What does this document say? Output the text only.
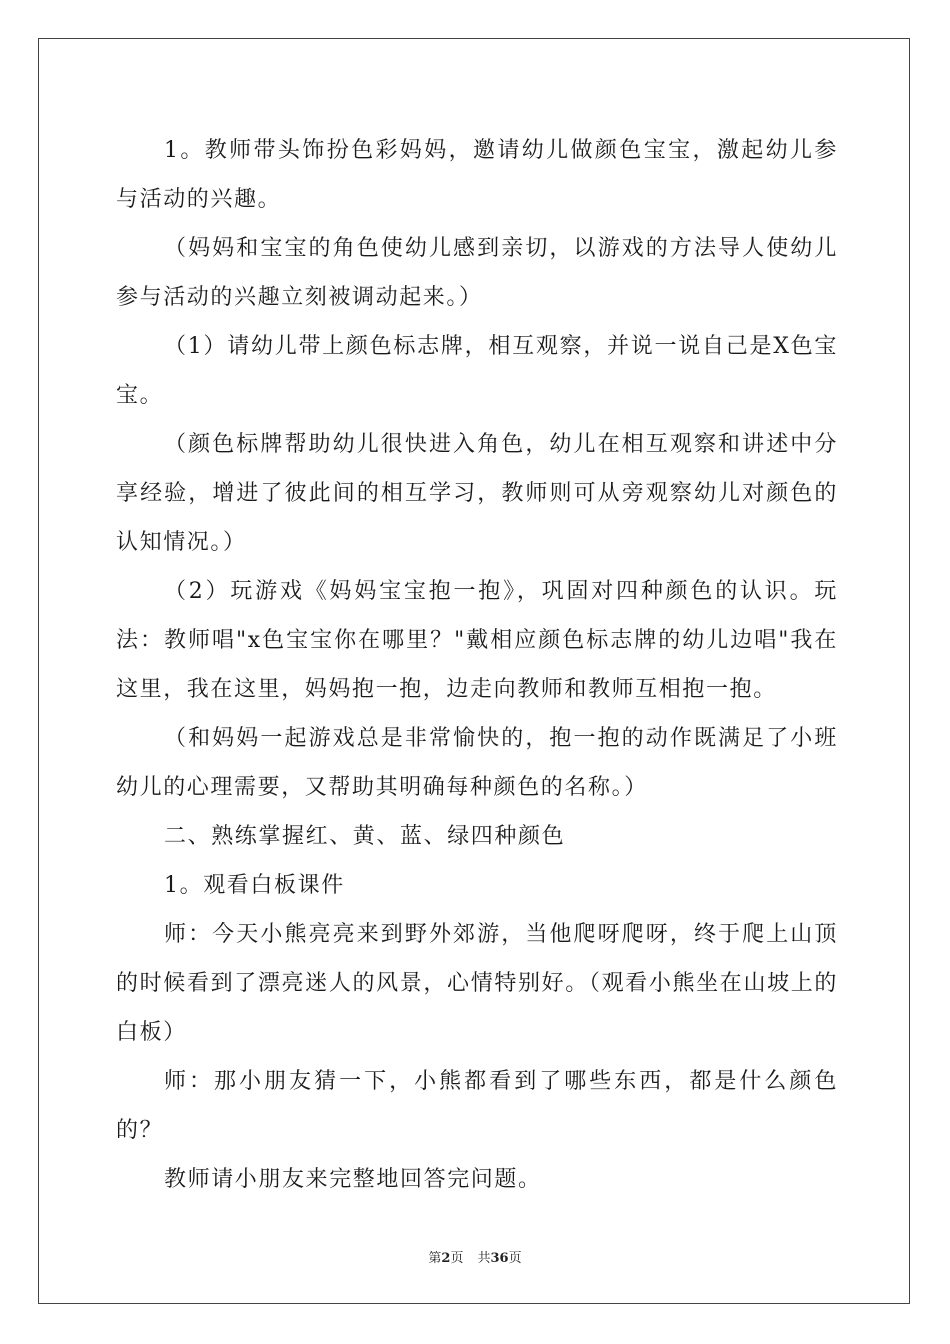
1。教师带头饰扮色彩妈妈，邀请幼儿做颜色宝宝，激起幼儿参与活动的兴趣。

（妈妈和宝宝的角色使幼儿感到亲切，以游戏的方法导人使幼儿参与活动的兴趣立刻被调动起来。）

（1）请幼儿带上颜色标志牌，相互观察，并说一说自己是X色宝宝。

（颜色标牌帮助幼儿很快进入角色，幼儿在相互观察和讲述中分享经验，增进了彼此间的相互学习，教师则可从旁观察幼儿对颜色的认知情况。）

（2）玩游戏《妈妈宝宝抱一抱》，巩固对四种颜色的认识。玩法：教师唱"x色宝宝你在哪里？"戴相应颜色标志牌的幼儿边唱"我在这里，我在这里，妈妈抱一抱，边走向教师和教师互相抱一抱。

（和妈妈一起游戏总是非常愉快的，抱一抱的动作既满足了小班幼儿的心理需要，又帮助其明确每种颜色的名称。）

二、熟练掌握红、黄、蓝、绿四种颜色

1。观看白板课件

师：今天小熊亮亮来到野外郊游，当他爬呀爬呀，终于爬上山顶的时候看到了漂亮迷人的风景，心情特别好。（观看小熊坐在山坡上的白板）

师：那小朋友猜一下，小熊都看到了哪些东西，都是什么颜色的？

教师请小朋友来完整地回答完问题。

第2页 共36页
